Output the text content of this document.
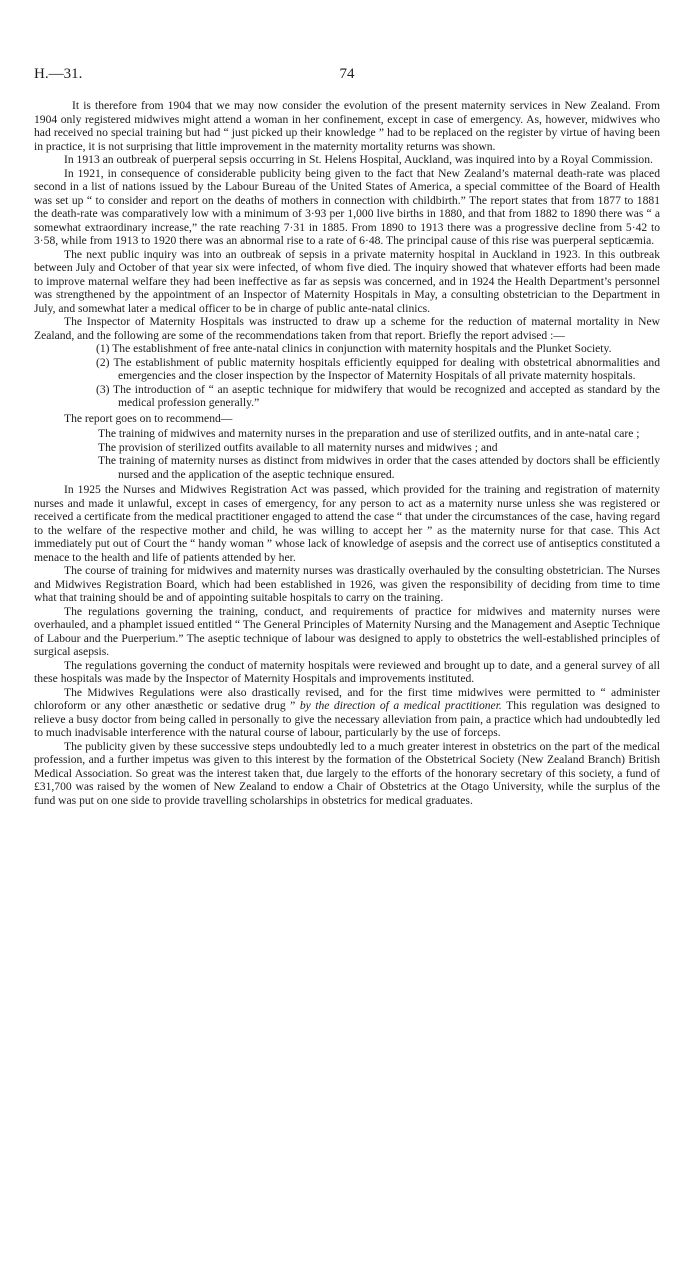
H.—31.	74

It is therefore from 1904 that we may now consider the evolution of the present maternity services in New Zealand. From 1904 only registered midwives might attend a woman in her confinement, except in case of emergency. As, however, midwives who had received no special training but had “ just picked up their knowledge ” had to be replaced on the register by virtue of having been in practice, it is not surprising that little improvement in the maternity mortality returns was shown.

In 1913 an outbreak of puerperal sepsis occurring in St. Helens Hospital, Auckland, was inquired into by a Royal Commission.

In 1921, in consequence of considerable publicity being given to the fact that New Zealand’s maternal death-rate was placed second in a list of nations issued by the Labour Bureau of the United States of America, a special committee of the Board of Health was set up “ to consider and report on the deaths of mothers in connection with childbirth.” The report states that from 1877 to 1881 the death-rate was comparatively low with a minimum of 3·93 per 1,000 live births in 1880, and that from 1882 to 1890 there was “ a somewhat extraordinary increase,” the rate reaching 7·31 in 1885. From 1890 to 1913 there was a progressive decline from 5·42 to 3·58, while from 1913 to 1920 there was an abnormal rise to a rate of 6·48. The principal cause of this rise was puerperal septicæmia.

The next public inquiry was into an outbreak of sepsis in a private maternity hospital in Auckland in 1923. In this outbreak between July and October of that year six were infected, of whom five died. The inquiry showed that whatever efforts had been made to improve maternal welfare they had been ineffective as far as sepsis was concerned, and in 1924 the Health Department’s personnel was strengthened by the appointment of an Inspector of Maternity Hospitals in May, a consulting obstetrician to the Department in July, and somewhat later a medical officer to be in charge of public ante-natal clinics.

The Inspector of Maternity Hospitals was instructed to draw up a scheme for the reduction of maternal mortality in New Zealand, and the following are some of the recommendations taken from that report. Briefly the report advised :—

(1) The establishment of free ante-natal clinics in conjunction with maternity hospitals and the Plunket Society.
(2) The establishment of public maternity hospitals efficiently equipped for dealing with obstetrical abnormalities and emergencies and the closer inspection by the Inspector of Maternity Hospitals of all private maternity hospitals.
(3) The introduction of “ an aseptic technique for midwifery that would be recognized and accepted as standard by the medical profession generally.”

The report goes on to recommend—

The training of midwives and maternity nurses in the preparation and use of sterilized outfits, and in ante-natal care ;
The provision of sterilized outfits available to all maternity nurses and midwives ; and
The training of maternity nurses as distinct from midwives in order that the cases attended by doctors shall be efficiently nursed and the application of the aseptic technique ensured.

In 1925 the Nurses and Midwives Registration Act was passed, which provided for the training and registration of maternity nurses and made it unlawful, except in cases of emergency, for any person to act as a maternity nurse unless she was registered or received a certificate from the medical practitioner engaged to attend the case “ that under the circumstances of the case, having regard to the welfare of the respective mother and child, he was willing to accept her ” as the maternity nurse for that case. This Act immediately put out of Court the “ handy woman ” whose lack of knowledge of asepsis and the correct use of antiseptics constituted a menace to the health and life of patients attended by her.

The course of training for midwives and maternity nurses was drastically overhauled by the consulting obstetrician. The Nurses and Midwives Registration Board, which had been established in 1926, was given the responsibility of deciding from time to time what that training should be and of appointing suitable hospitals to carry on the training.

The regulations governing the training, conduct, and requirements of practice for midwives and maternity nurses were overhauled, and a phamplet issued entitled “ The General Principles of Maternity Nursing and the Management and Aseptic Technique of Labour and the Puerperium.” The aseptic technique of labour was designed to apply to obstetrics the well-established principles of surgical asepsis.

The regulations governing the conduct of maternity hospitals were reviewed and brought up to date, and a general survey of all these hospitals was made by the Inspector of Maternity Hospitals and improvements instituted.

The Midwives Regulations were also drastically revised, and for the first time midwives were permitted to “ administer chloroform or any other anæsthetic or sedative drug ” by the direction of a medical practitioner. This regulation was designed to relieve a busy doctor from being called in personally to give the necessary alleviation from pain, a practice which had undoubtedly led to much inadvisable interference with the natural course of labour, particularly by the use of forceps.

The publicity given by these successive steps undoubtedly led to a much greater interest in obstetrics on the part of the medical profession, and a further impetus was given to this interest by the formation of the Obstetrical Society (New Zealand Branch) British Medical Association. So great was the interest taken that, due largely to the efforts of the honorary secretary of this society, a fund of £31,700 was raised by the women of New Zealand to endow a Chair of Obstetrics at the Otago University, while the surplus of the fund was put on one side to provide travelling scholarships in obstetrics for medical graduates.
